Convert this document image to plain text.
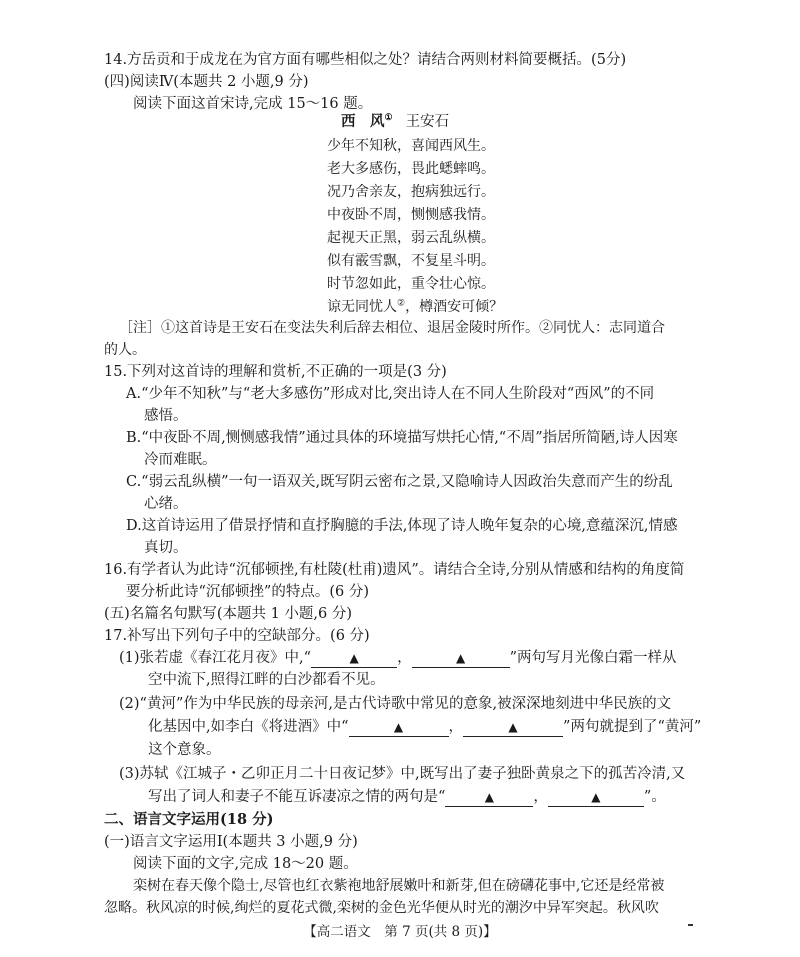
14.方岳贡和于成龙在为官方面有哪些相似之处？请结合两则材料简要概括。(5分)
(四)阅读Ⅳ(本题共 2 小题,9 分)
阅读下面这首宋诗,完成 15～16 题。
西　风① 王安石
少年不知秋，喜闻西风生。
老大多感伤，畏此蟋蟀鸣。
况乃舍亲友，抱病独远行。
中夜卧不周，恻恻感我情。
起视天正黑，弱云乱纵横。
似有霰雪飘，不复星斗明。
时节忽如此，重令壮心惊。
谅无同忧人②，樽酒安可倾？
［注］①这首诗是王安石在变法失利后辞去相位、退居金陵时所作。②同忧人：志同道合
的人。
15.下列对这首诗的理解和赏析,不正确的一项是(3 分)
A.“少年不知秋”与“老大多感伤”形成对比,突出诗人在不同人生阶段对“西风”的不同
感悟。
B.“中夜卧不周,恻恻感我情”通过具体的环境描写烘托心情,“不周”指居所简陋,诗人因寒
冷而难眠。
C.“弱云乱纵横”一句一语双关,既写阴云密布之景,又隐喻诗人因政治失意而产生的纷乱
心绪。
D.这首诗运用了借景抒情和直抒胸臆的手法,体现了诗人晚年复杂的心境,意蕴深沉,情感
真切。
16.有学者认为此诗“沉郁顿挫,有杜陵(杜甫)遗风”。请结合全诗,分别从情感和结构的角度简
要分析此诗“沉郁顿挫”的特点。(6 分)
(五)名篇名句默写(本题共 1 小题,6 分)
17.补写出下列句子中的空缺部分。(6 分)
(1)张若虚《春江花月夜》中,“	▲	，	▲	”两句写月光像白霜一样从
空中流下,照得江畔的白沙都看不见。
(2)“黄河”作为中华民族的母亲河,是古代诗歌中常见的意象,被深深地刻进中华民族的文
化基因中,如李白《将进酒》中“	▲	，	▲	”两句就提到了“黄河”
这个意象。
(3)苏轼《江城子・乙卯正月二十日夜记梦》中,既写出了妻子独卧黄泉之下的孤苦冷清,又
写出了词人和妻子不能互诉凄凉之情的两句是“	▲	，	▲	”。
二、语言文字运用(18 分)
(一)语言文字运用Ⅰ(本题共 3 小题,9 分)
阅读下面的文字,完成 18～20 题。
栾树在春天像个隐士,尽管也红衣紫袍地舒展嫩叶和新芽,但在磅礴花事中,它还是经常被
忽略。秋风凉的时候,绚烂的夏花式微,栾树的金色光华便从时光的潮汐中异军突起。秋风吹
【高二语文　第 7 页(共 8 页)】
